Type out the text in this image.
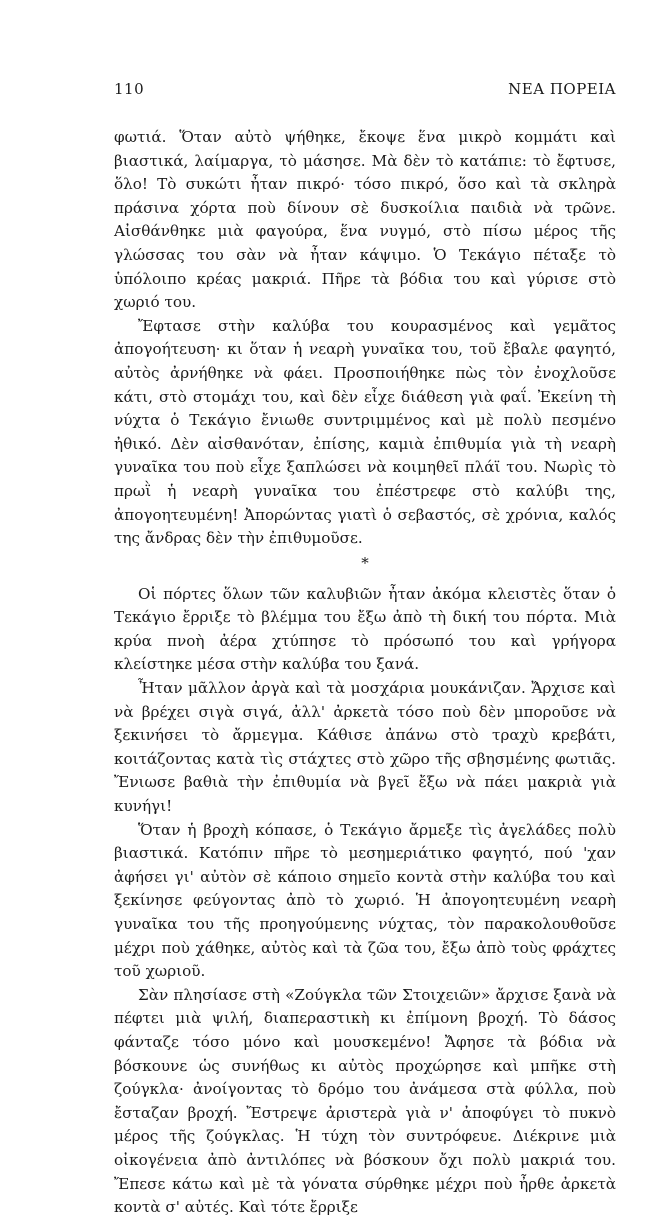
110	ΝΕΑ ΠΟΡΕΙΑ

φωτιά. Ὅταν αὐτὸ ψήθηκε, ἔκοψε ἕνα μικρὸ κομμάτι καὶ βιαστικά, λαίμαργα, τὸ μάσησε. Μὰ δὲν τὸ κατάπιε: τὸ ἔφτυσε, ὅλο! Τὸ συκώτι ἦταν πικρό· τόσο πικρό, ὅσο καὶ τὰ σκληρὰ πράσινα χόρτα ποὺ δίνουν σὲ δυσκοίλια παιδιὰ νὰ τρῶνε. Αἰσθάνθηκε μιὰ φαγούρα, ἕνα νυγμό, στὸ πίσω μέρος τῆς γλώσσας του σὰν νὰ ἦταν κάψιμο. Ὁ Τεκάγιο πέταξε τὸ ὑπόλοιπο κρέας μακριά. Πῆρε τὰ βόδια του καὶ γύρισε στὸ χωριό του.

Ἔφτασε στὴν καλύβα του κουρασμένος καὶ γεμᾶτος ἀπογοήτευση· κι ὅταν ἡ νεαρὴ γυναῖκα του, τοῦ ἔβαλε φαγητό, αὐτὸς ἀρνήθηκε νὰ φάει. Προσποιήθηκε πὼς τὸν ἐνοχλοῦσε κάτι, στὸ στομάχι του, καὶ δὲν εἶχε διάθεση γιὰ φαΐ. Ἐκείνη τὴ νύχτα ὁ Τεκάγιο ἔνιωθε συντριμμένος καὶ μὲ πολὺ πεσμένο ἠθικό. Δὲν αἰσθανόταν, ἐπίσης, καμιὰ ἐπιθυμία γιὰ τὴ νεαρὴ γυναῖκα του ποὺ εἶχε ξαπλώσει νὰ κοιμηθεῖ πλάϊ του. Νωρὶς τὸ πρωῒ ἡ νεαρὴ γυναῖκα του ἐπέστρεφε στὸ καλύβι της, ἀπογοητευμένη! Ἀπορώντας γιατὶ ὁ σεβαστός, σὲ χρόνια, καλός της ἄνδρας δὲν τὴν ἐπιθυμοῦσε.

*

Οἱ πόρτες ὅλων τῶν καλυβιῶν ἦταν ἀκόμα κλειστὲς ὅταν ὁ Τεκάγιο ἔρριξε τὸ βλέμμα του ἔξω ἀπὸ τὴ δική του πόρτα. Μιὰ κρύα πνοὴ ἀέρα χτύπησε τὸ πρόσωπό του καὶ γρήγορα κλείστηκε μέσα στὴν καλύβα του ξανά.

Ἦταν μᾶλλον ἀργὰ καὶ τὰ μοσχάρια μουκάνιζαν. Ἄρχισε καὶ νὰ βρέχει σιγὰ σιγά, ἀλλ' ἀρκετὰ τόσο ποὺ δὲν μποροῦσε νὰ ξεκινήσει τὸ ἄρμεγμα. Κάθισε ἀπάνω στὸ τραχὺ κρεβάτι, κοιτάζοντας κατὰ τὶς στάχτες στὸ χῶρο τῆς σβησμένης φωτιᾶς. Ἔνιωσε βαθιὰ τὴν ἐπιθυμία νὰ βγεῖ ἔξω νὰ πάει μακριὰ γιὰ κυνήγι!

Ὅταν ἡ βροχὴ κόπασε, ὁ Τεκάγιο ἄρμεξε τὶς ἀγελάδες πολὺ βιαστικά. Κατόπιν πῆρε τὸ μεσημεριάτικο φαγητό, πού 'χαν ἀφήσει γι' αὐτὸν σὲ κάποιο σημεῖο κοντὰ στὴν καλύβα του καὶ ξεκίνησε φεύγοντας ἀπὸ τὸ χωριό. Ἡ ἀπογοητευμένη νεαρὴ γυναῖκα του τῆς προηγούμενης νύχτας, τὸν παρακολουθοῦσε μέχρι ποὺ χάθηκε, αὐτὸς καὶ τὰ ζῶα του, ἔξω ἀπὸ τοὺς φράχτες τοῦ χωριοῦ.

Σὰν πλησίασε στὴ «Ζούγκλα τῶν Στοιχειῶν» ἄρχισε ξανὰ νὰ πέφτει μιὰ ψιλή, διαπεραστικὴ κι ἐπίμονη βροχή. Τὸ δάσος φάνταζε τόσο μόνο καὶ μουσκεμένο! Ἄφησε τὰ βόδια νὰ βόσκουνε ὡς συνήθως κι αὐτὸς προχώρησε καὶ μπῆκε στὴ ζούγκλα· ἀνοίγοντας τὸ δρόμο του ἀνάμεσα στὰ φύλλα, ποὺ ἔσταζαν βροχή. Ἔστρεψε ἀριστερὰ γιὰ ν' ἀποφύγει τὸ πυκνὸ μέρος τῆς ζούγκλας. Ἡ τύχη τὸν συντρόφευε. Διέκρινε μιὰ οἰκογένεια ἀπὸ ἀντιλόπες νὰ βόσκουν ὄχι πολὺ μακριά του. Ἔπεσε κάτω καὶ μὲ τὰ γόνατα σύρθηκε μέχρι ποὺ ἦρθε ἀρκετὰ κοντὰ σ' αὐτές. Καὶ τότε ἔρριξε
